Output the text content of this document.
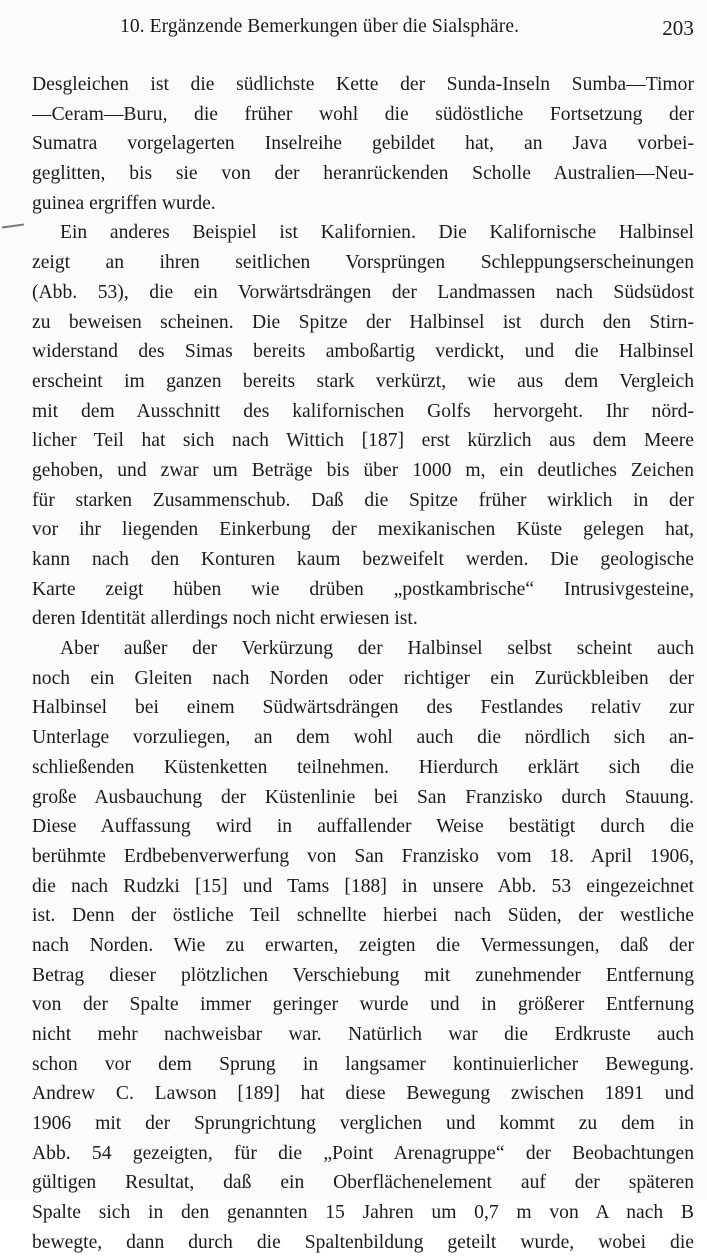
10. Ergänzende Bemerkungen über die Sialsphäre.	203
Desgleichen ist die südlichste Kette der Sunda-Inseln Sumba—Timor
—Ceram—Buru, die früher wohl die südöstliche Fortsetzung der
Sumatra vorgelagerten Inselreihe gebildet hat, an Java vorbei-
geglitten, bis sie von der heranrückenden Scholle Australien—Neu-
guinea ergriffen wurde.
Ein anderes Beispiel ist Kalifornien. Die Kalifornische Halbinsel
zeigt an ihren seitlichen Vorsprüngen Schleppungserscheinungen
(Abb. 53), die ein Vorwärtsdrängen der Landmassen nach Südsüdost
zu beweisen scheinen. Die Spitze der Halbinsel ist durch den Stirn-
widerstand des Simas bereits amboßartig verdickt, und die Halbinsel
erscheint im ganzen bereits stark verkürzt, wie aus dem Vergleich
mit dem Ausschnitt des kalifornischen Golfs hervorgeht. Ihr nörd-
licher Teil hat sich nach Wittich [187] erst kürzlich aus dem Meere
gehoben, und zwar um Beträge bis über 1000 m, ein deutliches Zeichen
für starken Zusammenschub. Daß die Spitze früher wirklich in der
vor ihr liegenden Einkerbung der mexikanischen Küste gelegen hat,
kann nach den Konturen kaum bezweifelt werden. Die geologische
Karte zeigt hüben wie drüben „postkambrische“ Intrusivgesteine,
deren Identität allerdings noch nicht erwiesen ist.
Aber außer der Verkürzung der Halbinsel selbst scheint auch
noch ein Gleiten nach Norden oder richtiger ein Zurückbleiben der
Halbinsel bei einem Südwärtsdrängen des Festlandes relativ zur
Unterlage vorzuliegen, an dem wohl auch die nördlich sich an-
schließenden Küstenketten teilnehmen. Hierdurch erklärt sich die
große Ausbauchung der Küstenlinie bei San Franzisko durch Stauung.
Diese Auffassung wird in auffallender Weise bestätigt durch die
berühmte Erdbebenverwerfung von San Franzisko vom 18. April 1906,
die nach Rudzki [15] und Tams [188] in unsere Abb. 53 eingezeichnet
ist. Denn der östliche Teil schnellte hierbei nach Süden, der westliche
nach Norden. Wie zu erwarten, zeigten die Vermessungen, daß der
Betrag dieser plötzlichen Verschiebung mit zunehmender Entfernung
von der Spalte immer geringer wurde und in größerer Entfernung
nicht mehr nachweisbar war. Natürlich war die Erdkruste auch
schon vor dem Sprung in langsamer kontinuierlicher Bewegung.
Andrew C. Lawson [189] hat diese Bewegung zwischen 1891 und
1906 mit der Sprungrichtung verglichen und kommt zu dem in
Abb. 54 gezeigten, für die „Point Arenagruppe“ der Beobachtungen
gültigen Resultat, daß ein Oberflächenelement auf der späteren
Spalte sich in den genannten 15 Jahren um 0,7 m von A nach B
bewegte, dann durch die Spaltenbildung geteilt wurde, wobei die
